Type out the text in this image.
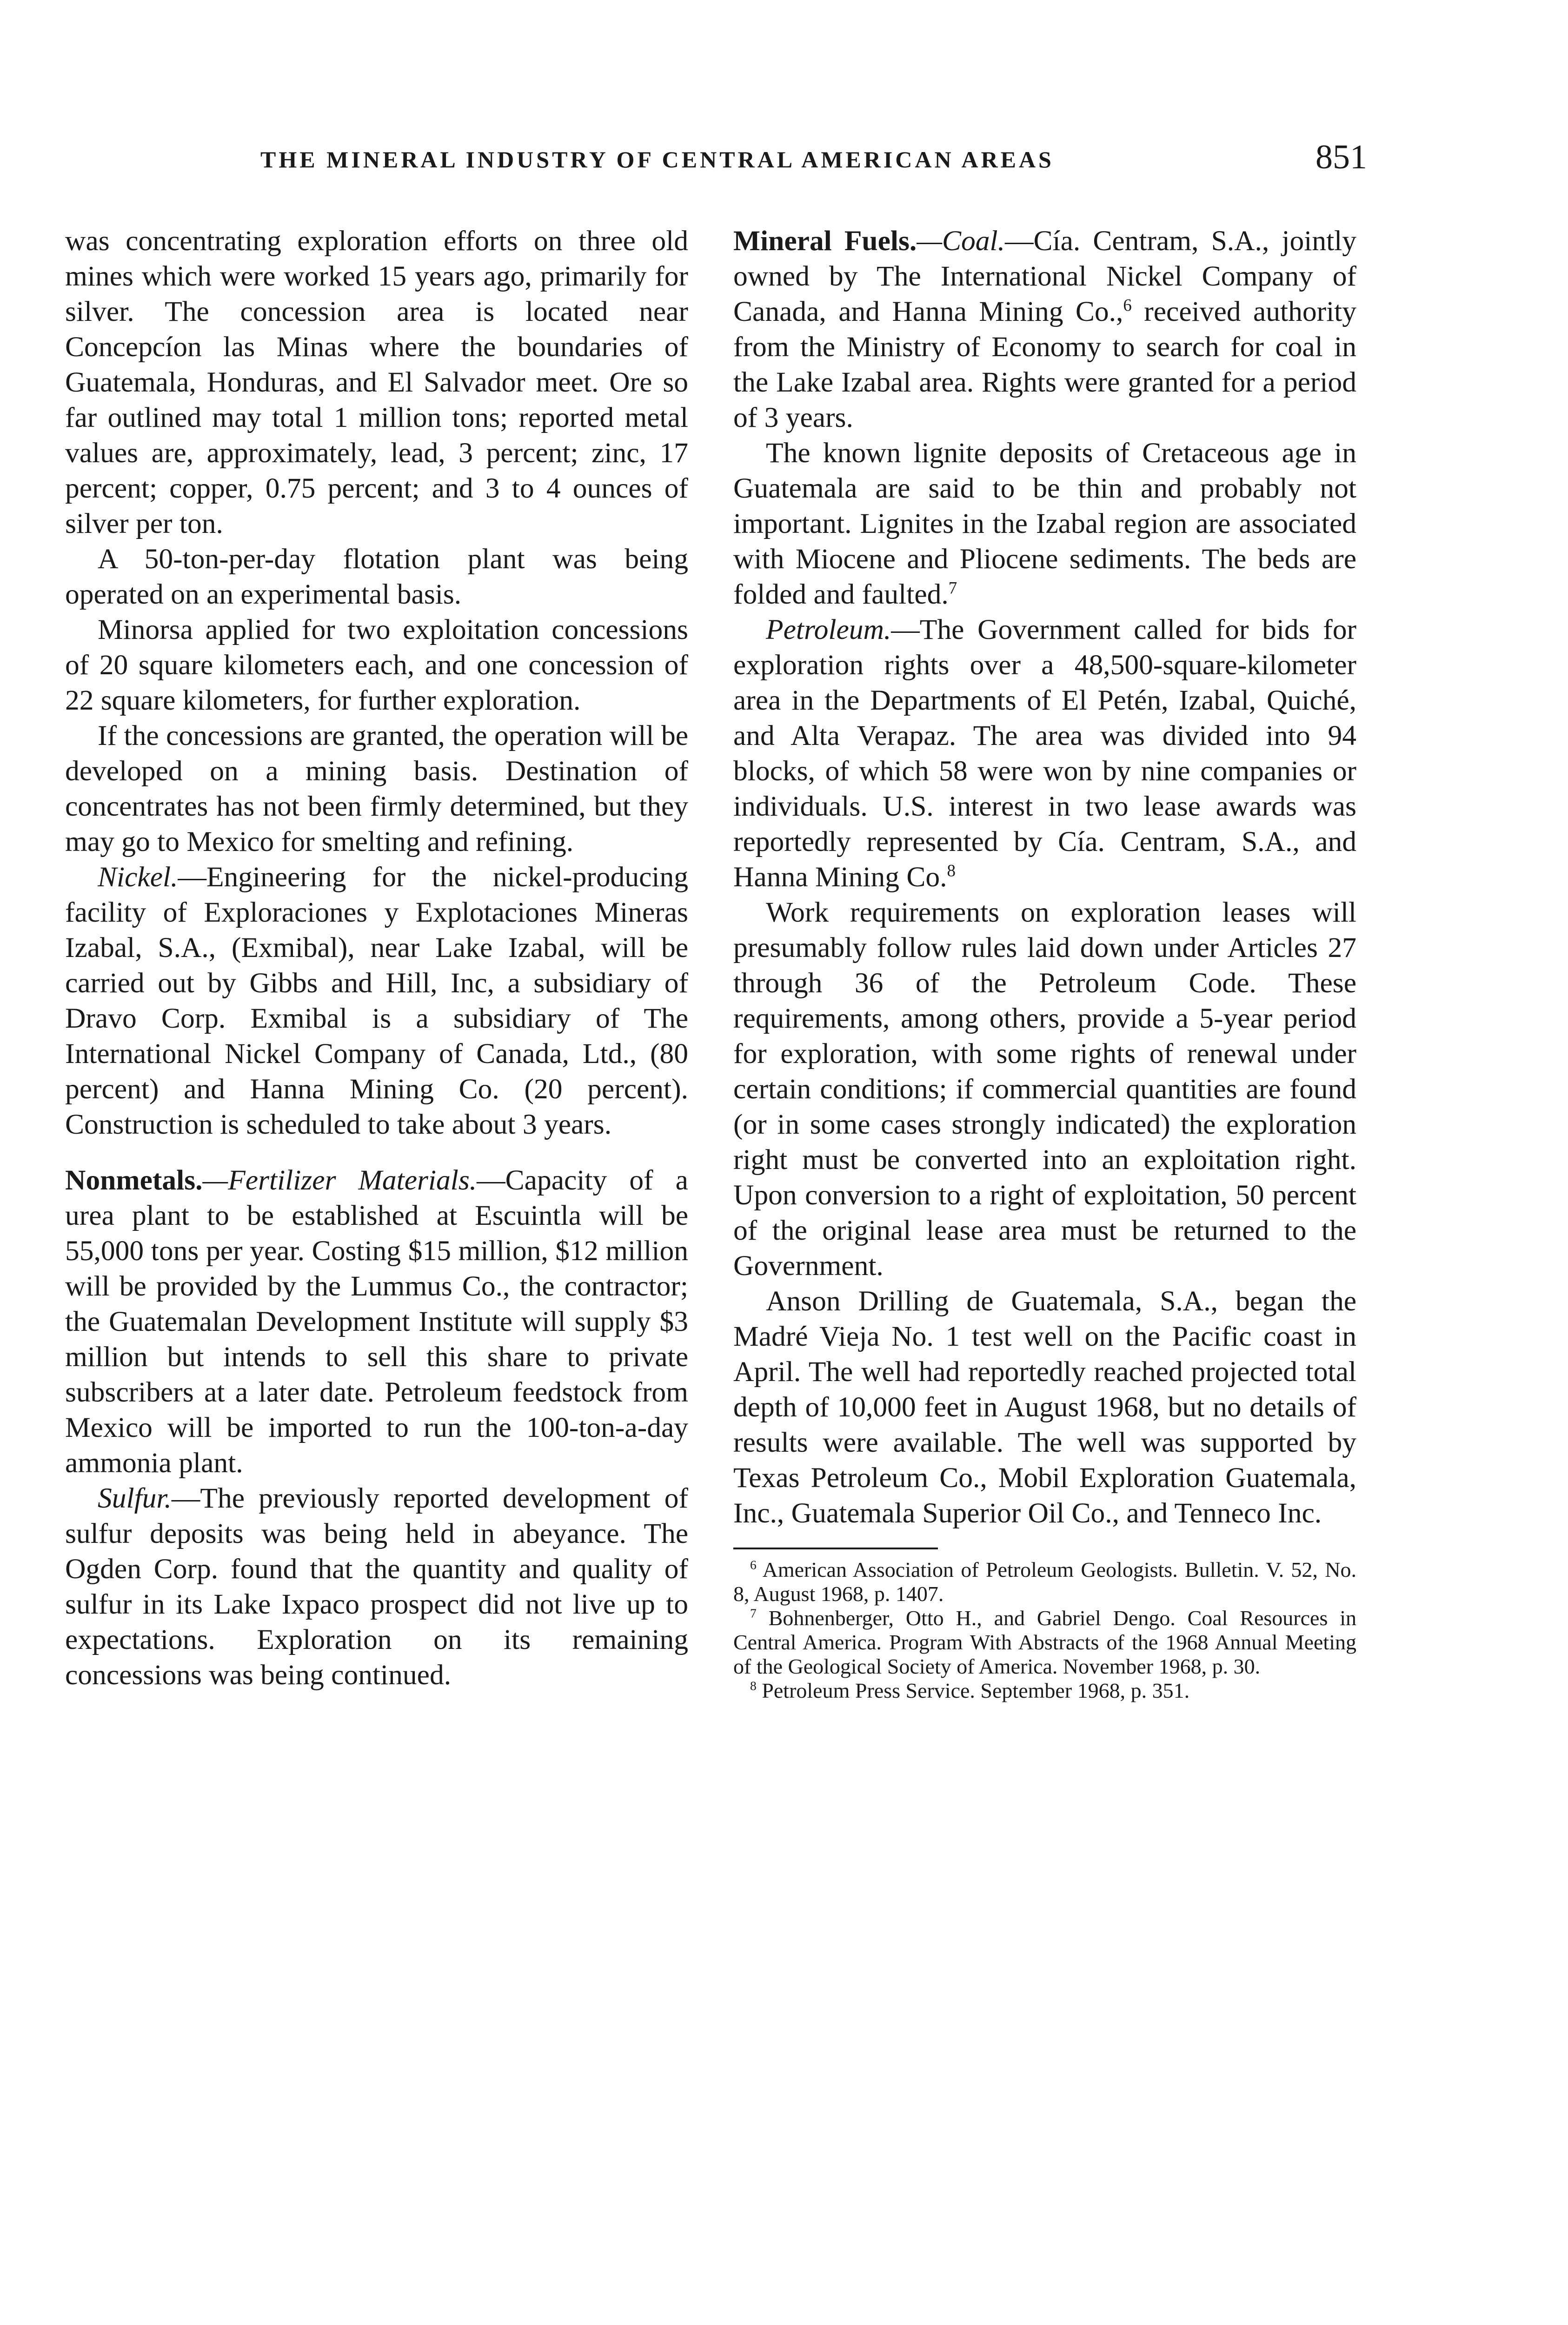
THE MINERAL INDUSTRY OF CENTRAL AMERICAN AREAS	851

was concentrating exploration efforts on three old mines which were worked 15 years ago, primarily for silver. The concession area is located near Concepcíon las Minas where the boundaries of Guatemala, Honduras, and El Salvador meet. Ore so far outlined may total 1 million tons; reported metal values are, approximately, lead, 3 percent; zinc, 17 percent; copper, 0.75 percent; and 3 to 4 ounces of silver per ton.

A 50-ton-per-day flotation plant was being operated on an experimental basis.

Minorsa applied for two exploitation concessions of 20 square kilometers each, and one concession of 22 square kilometers, for further exploration.

If the concessions are granted, the operation will be developed on a mining basis. Destination of concentrates has not been firmly determined, but they may go to Mexico for smelting and refining.

Nickel.—Engineering for the nickel-producing facility of Exploraciones y Explotaciones Mineras Izabal, S.A., (Exmibal), near Lake Izabal, will be carried out by Gibbs and Hill, Inc, a subsidiary of Dravo Corp. Exmibal is a subsidiary of The International Nickel Company of Canada, Ltd., (80 percent) and Hanna Mining Co. (20 percent). Construction is scheduled to take about 3 years.

Nonmetals.—Fertilizer Materials.—Capacity of a urea plant to be established at Escuintla will be 55,000 tons per year. Costing $15 million, $12 million will be provided by the Lummus Co., the contractor; the Guatemalan Development Institute will supply $3 million but intends to sell this share to private subscribers at a later date. Petroleum feedstock from Mexico will be imported to run the 100-ton-a-day ammonia plant.

Sulfur.—The previously reported development of sulfur deposits was being held in abeyance. The Ogden Corp. found that the quantity and quality of sulfur in its Lake Ixpaco prospect did not live up to expectations. Exploration on its remaining concessions was being continued.

Mineral Fuels.—Coal.—Cía. Centram, S.A., jointly owned by The International Nickel Company of Canada, and Hanna Mining Co.,$^6$ received authority from the Ministry of Economy to search for coal in the Lake Izabal area. Rights were granted for a period of 3 years.

The known lignite deposits of Cretaceous age in Guatemala are said to be thin and probably not important. Lignites in the Izabal region are associated with Miocene and Pliocene sediments. The beds are folded and faulted.$^7$

Petroleum.—The Government called for bids for exploration rights over a 48,500-square-kilometer area in the Departments of El Petén, Izabal, Quiché, and Alta Verapaz. The area was divided into 94 blocks, of which 58 were won by nine companies or individuals. U.S. interest in two lease awards was reportedly represented by Cía. Centram, S.A., and Hanna Mining Co.$^8$

Work requirements on exploration leases will presumably follow rules laid down under Articles 27 through 36 of the Petroleum Code. These requirements, among others, provide a 5-year period for exploration, with some rights of renewal under certain conditions; if commercial quantities are found (or in some cases strongly indicated) the exploration right must be converted into an exploitation right. Upon conversion to a right of exploitation, 50 percent of the original lease area must be returned to the Government.

Anson Drilling de Guatemala, S.A., began the Madré Vieja No. 1 test well on the Pacific coast in April. The well had reportedly reached projected total depth of 10,000 feet in August 1968, but no details of results were available. The well was supported by Texas Petroleum Co., Mobil Exploration Guatemala, Inc., Guatemala Superior Oil Co., and Tenneco Inc.

$^6$ American Association of Petroleum Geologists. Bulletin. V. 52, No. 8, August 1968, p. 1407.

$^7$ Bohnenberger, Otto H., and Gabriel Dengo. Coal Resources in Central America. Program With Abstracts of the 1968 Annual Meeting of the Geological Society of America. November 1968, p. 30.

$^8$ Petroleum Press Service. September 1968, p. 351.
